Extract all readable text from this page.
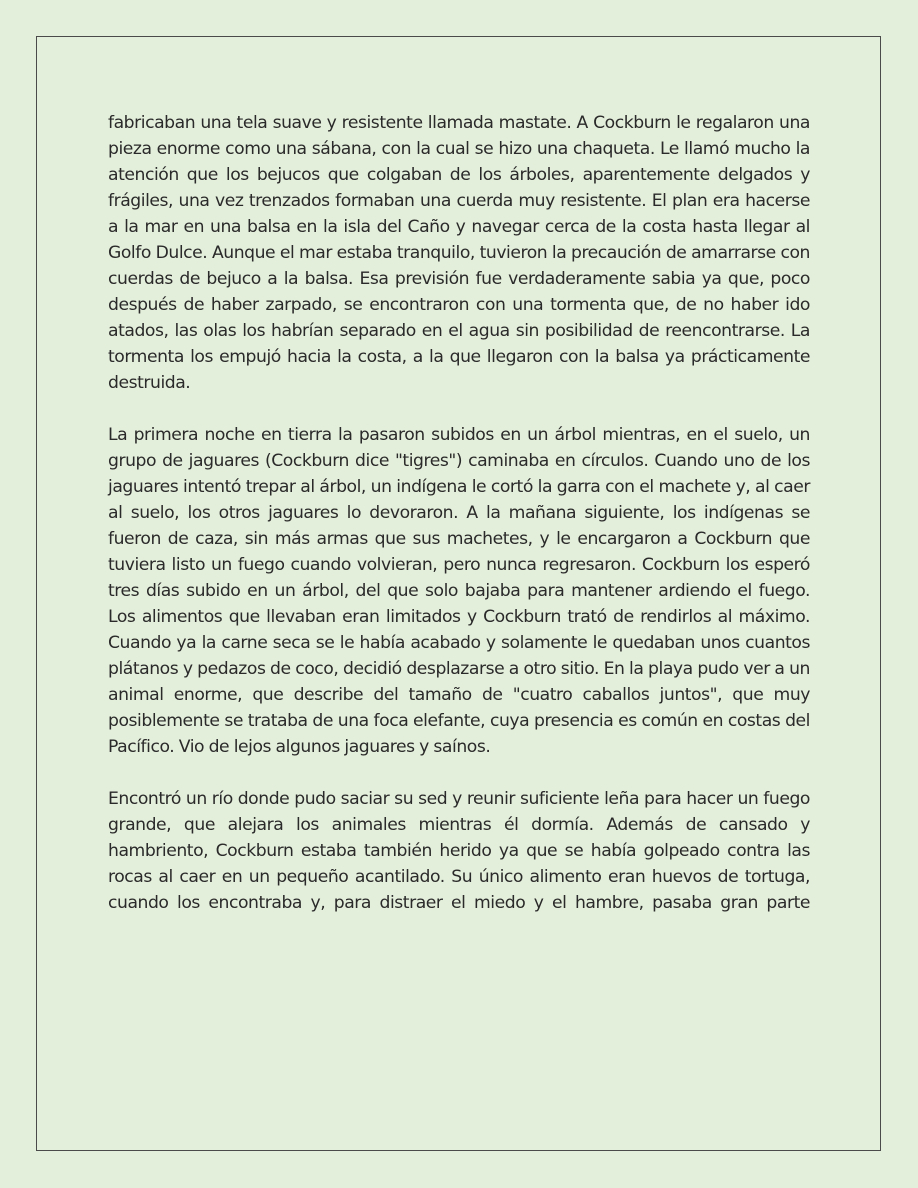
fabricaban una tela suave y resistente llamada mastate. A Cockburn le regalaron una pieza enorme como una sábana, con la cual se hizo una chaqueta. Le llamó mucho la atención que los bejucos que colgaban de los árboles, aparentemente delgados y frágiles, una vez trenzados formaban una cuerda muy resistente. El plan era hacerse a la mar en una balsa en la isla del Caño y navegar cerca de la costa hasta llegar al Golfo Dulce. Aunque el mar estaba tranquilo, tuvieron la precaución de amarrarse con cuerdas de bejuco a la balsa. Esa previsión fue verdaderamente sabia ya que, poco después de haber zarpado, se encontraron con una tormenta que, de no haber ido atados, las olas los habrían separado en el agua sin posibilidad de reencontrarse. La tormenta los empujó hacia la costa, a la que llegaron con la balsa ya prácticamente destruida.

La primera noche en tierra la pasaron subidos en un árbol mientras, en el suelo, un grupo de jaguares (Cockburn dice "tigres") caminaba en círculos. Cuando uno de los jaguares intentó trepar al árbol, un indígena le cortó la garra con el machete y, al caer al suelo, los otros jaguares lo devoraron. A la mañana siguiente, los indígenas se fueron de caza, sin más armas que sus machetes, y le encargaron a Cockburn que tuviera listo un fuego cuando volvieran, pero nunca regresaron. Cockburn los esperó tres días subido en un árbol, del que solo bajaba para mantener ardiendo el fuego. Los alimentos que llevaban eran limitados y Cockburn trató de rendirlos al máximo. Cuando ya la carne seca se le había acabado y solamente le quedaban unos cuantos plátanos y pedazos de coco, decidió desplazarse a otro sitio. En la playa pudo ver a un animal enorme, que describe del tamaño de "cuatro caballos juntos", que muy posiblemente se trataba de una foca elefante, cuya presencia es común en costas del Pacífico. Vio de lejos algunos jaguares y saínos.

Encontró un río donde pudo saciar su sed y reunir suficiente leña para hacer un fuego grande, que alejara los animales mientras él dormía. Además de cansado y hambriento, Cockburn estaba también herido ya que se había golpeado contra las rocas al caer en un pequeño acantilado. Su único alimento eran huevos de tortuga, cuando los encontraba y, para distraer el miedo y el hambre, pasaba gran parte
